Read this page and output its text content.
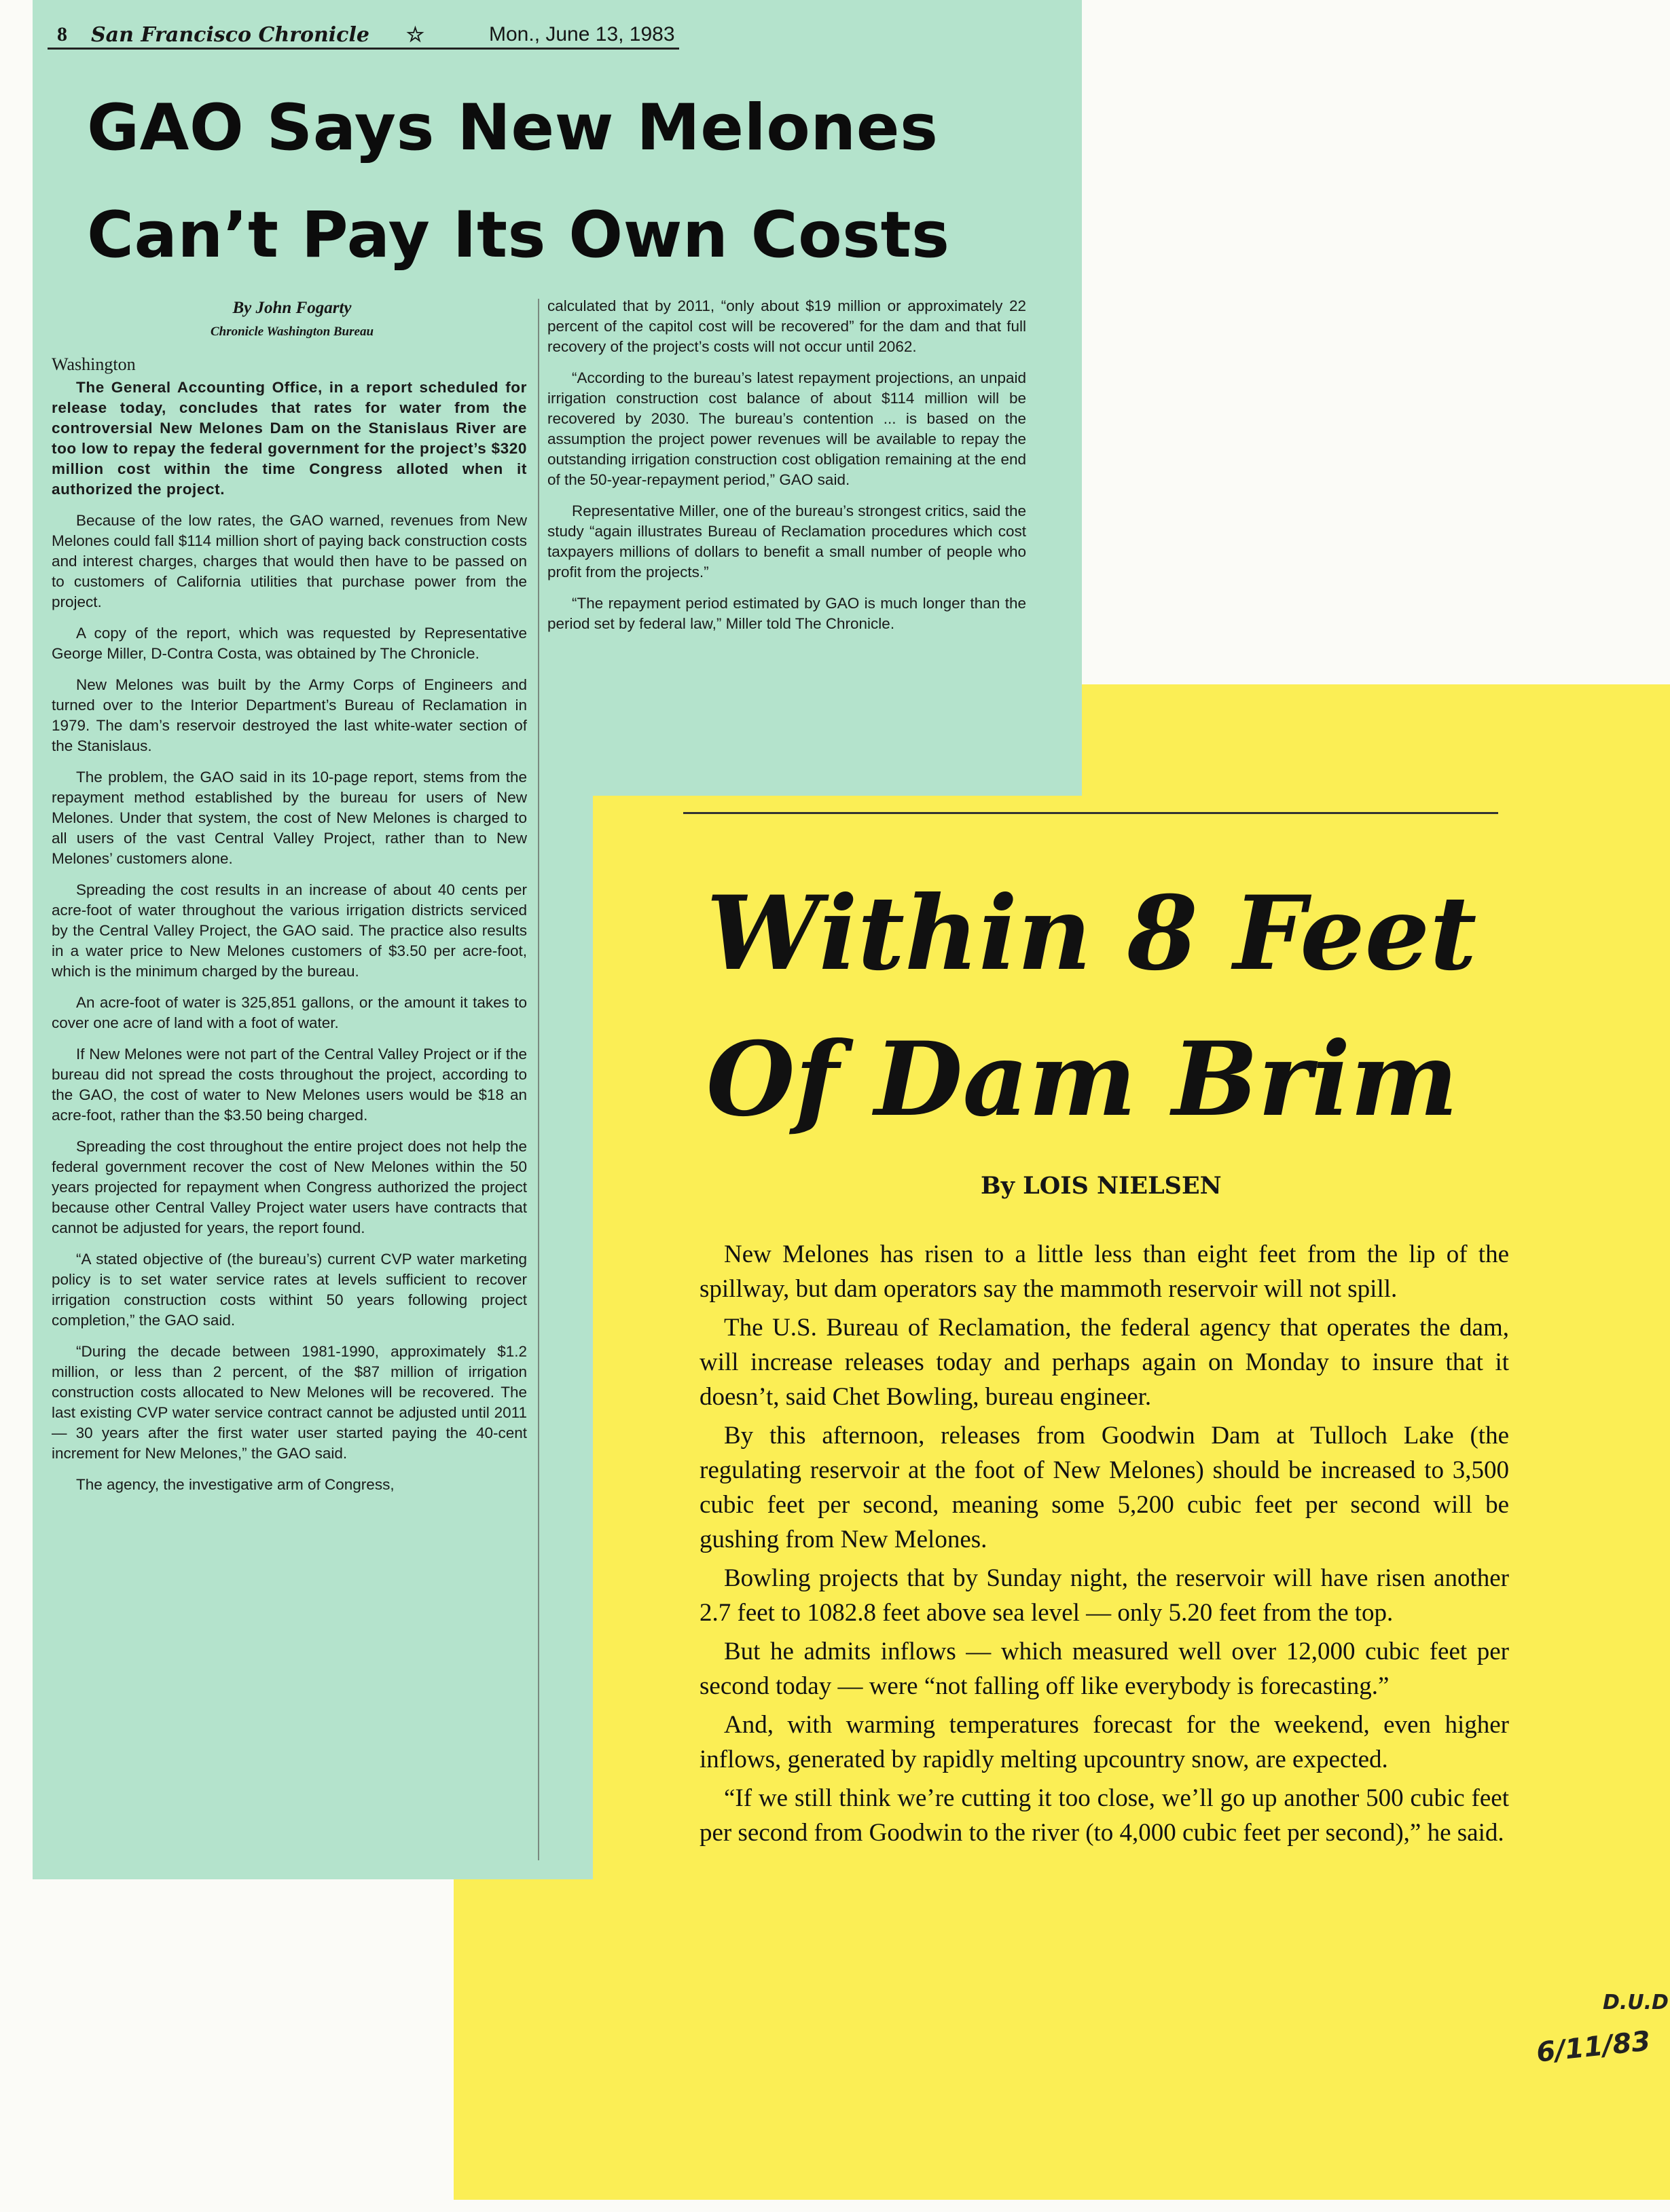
8 San Francisco Chronicle ☆	Mon., June 13, 1983
GAO Says New Melones
Can’t Pay Its Own Costs
By John Fogarty
Chronicle Washington Bureau

Washington

The General Accounting Office, in a report scheduled for release today, concludes that rates for water from the controversial New Melones Dam on the Stanislaus River are too low to repay the federal government for the project’s $320 million cost within the time Congress alloted when it authorized the project.

Because of the low rates, the GAO warned, revenues from New Melones could fall $114 million short of paying back construction costs and interest charges, charges that would then have to be passed on to customers of California utilities that purchase power from the project.

A copy of the report, which was requested by Representative George Miller, D-Contra Costa, was obtained by The Chronicle.

New Melones was built by the Army Corps of Engineers and turned over to the Interior Department’s Bureau of Reclamation in 1979. The dam’s reservoir destroyed the last white-water section of the Stanislaus.

The problem, the GAO said in its 10-page report, stems from the repayment method established by the bureau for users of New Melones. Under that system, the cost of New Melones is charged to all users of the vast Central Valley Project, rather than to New Melones’ customers alone.

Spreading the cost results in an increase of about 40 cents per acre-foot of water throughout the various irrigation districts serviced by the Central Valley Project, the GAO said. The practice also results in a water price to New Melones customers of $3.50 per acre-foot, which is the minimum charged by the bureau.

An acre-foot of water is 325,851 gallons, or the amount it takes to cover one acre of land with a foot of water.

If New Melones were not part of the Central Valley Project or if the bureau did not spread the costs throughout the project, according to the GAO, the cost of water to New Melones users would be $18 an acre-foot, rather than the $3.50 being charged.

Spreading the cost throughout the entire project does not help the federal government recover the cost of New Melones within the 50 years projected for repayment when Congress authorized the project because other Central Valley Project water users have contracts that cannot be adjusted for years, the report found.

“A stated objective of (the bureau’s) current CVP water marketing policy is to set water service rates at levels sufficient to recover irrigation construction costs withint 50 years following project completion,” the GAO said.

“During the decade between 1981-1990, approximately $1.2 million, or less than 2 percent, of the $87 million of irrigation construction costs allocated to New Melones will be recovered. The last existing CVP water service contract cannot be adjusted until 2011 — 30 years after the first water user started paying the 40-cent increment for New Melones,” the GAO said.

The agency, the investigative arm of Congress,

calculated that by 2011, “only about $19 million or approximately 22 percent of the capitol cost will be recovered” for the dam and that full recovery of the project’s costs will not occur until 2062.

“According to the bureau’s latest repayment projections, an unpaid irrigation construction cost balance of about $114 million will be recovered by 2030. The bureau’s contention ... is based on the assumption the project power revenues will be available to repay the outstanding irrigation construction cost obligation remaining at the end of the 50-year-repayment period,” GAO said.

Representative Miller, one of the bureau’s strongest critics, said the study “again illustrates Bureau of Reclamation procedures which cost taxpayers millions of dollars to benefit a small number of people who profit from the projects.”

“The repayment period estimated by GAO is much longer than the period set by federal law,” Miller told The Chronicle.

Within 8 Feet
Of Dam Brim
By LOIS NIELSEN

New Melones has risen to a little less than eight feet from the lip of the spillway, but dam operators say the mammoth reservoir will not spill.

The U.S. Bureau of Reclamation, the federal agency that operates the dam, will increase releases today and perhaps again on Monday to insure that it doesn’t, said Chet Bowling, bureau engineer.

By this afternoon, releases from Goodwin Dam at Tulloch Lake (the regulating reservoir at the foot of New Melones) should be increased to 3,500 cubic feet per second, meaning some 5,200 cubic feet per second will be gushing from New Melones.

Bowling projects that by Sunday night, the reservoir will have risen another 2.7 feet to 1082.8 feet above sea level — only 5.20 feet from the top.

But he admits inflows — which measured well over 12,000 cubic feet per second today — were “not falling off like everybody is forecasting.”

And, with warming temperatures forecast for the weekend, even higher inflows, generated by rapidly melting upcountry snow, are expected.

“If we still think we’re cutting it too close, we’ll go up another 500 cubic feet per second from Goodwin to the river (to 4,000 cubic feet per second),” he said.

D.U.D
6/11/83
